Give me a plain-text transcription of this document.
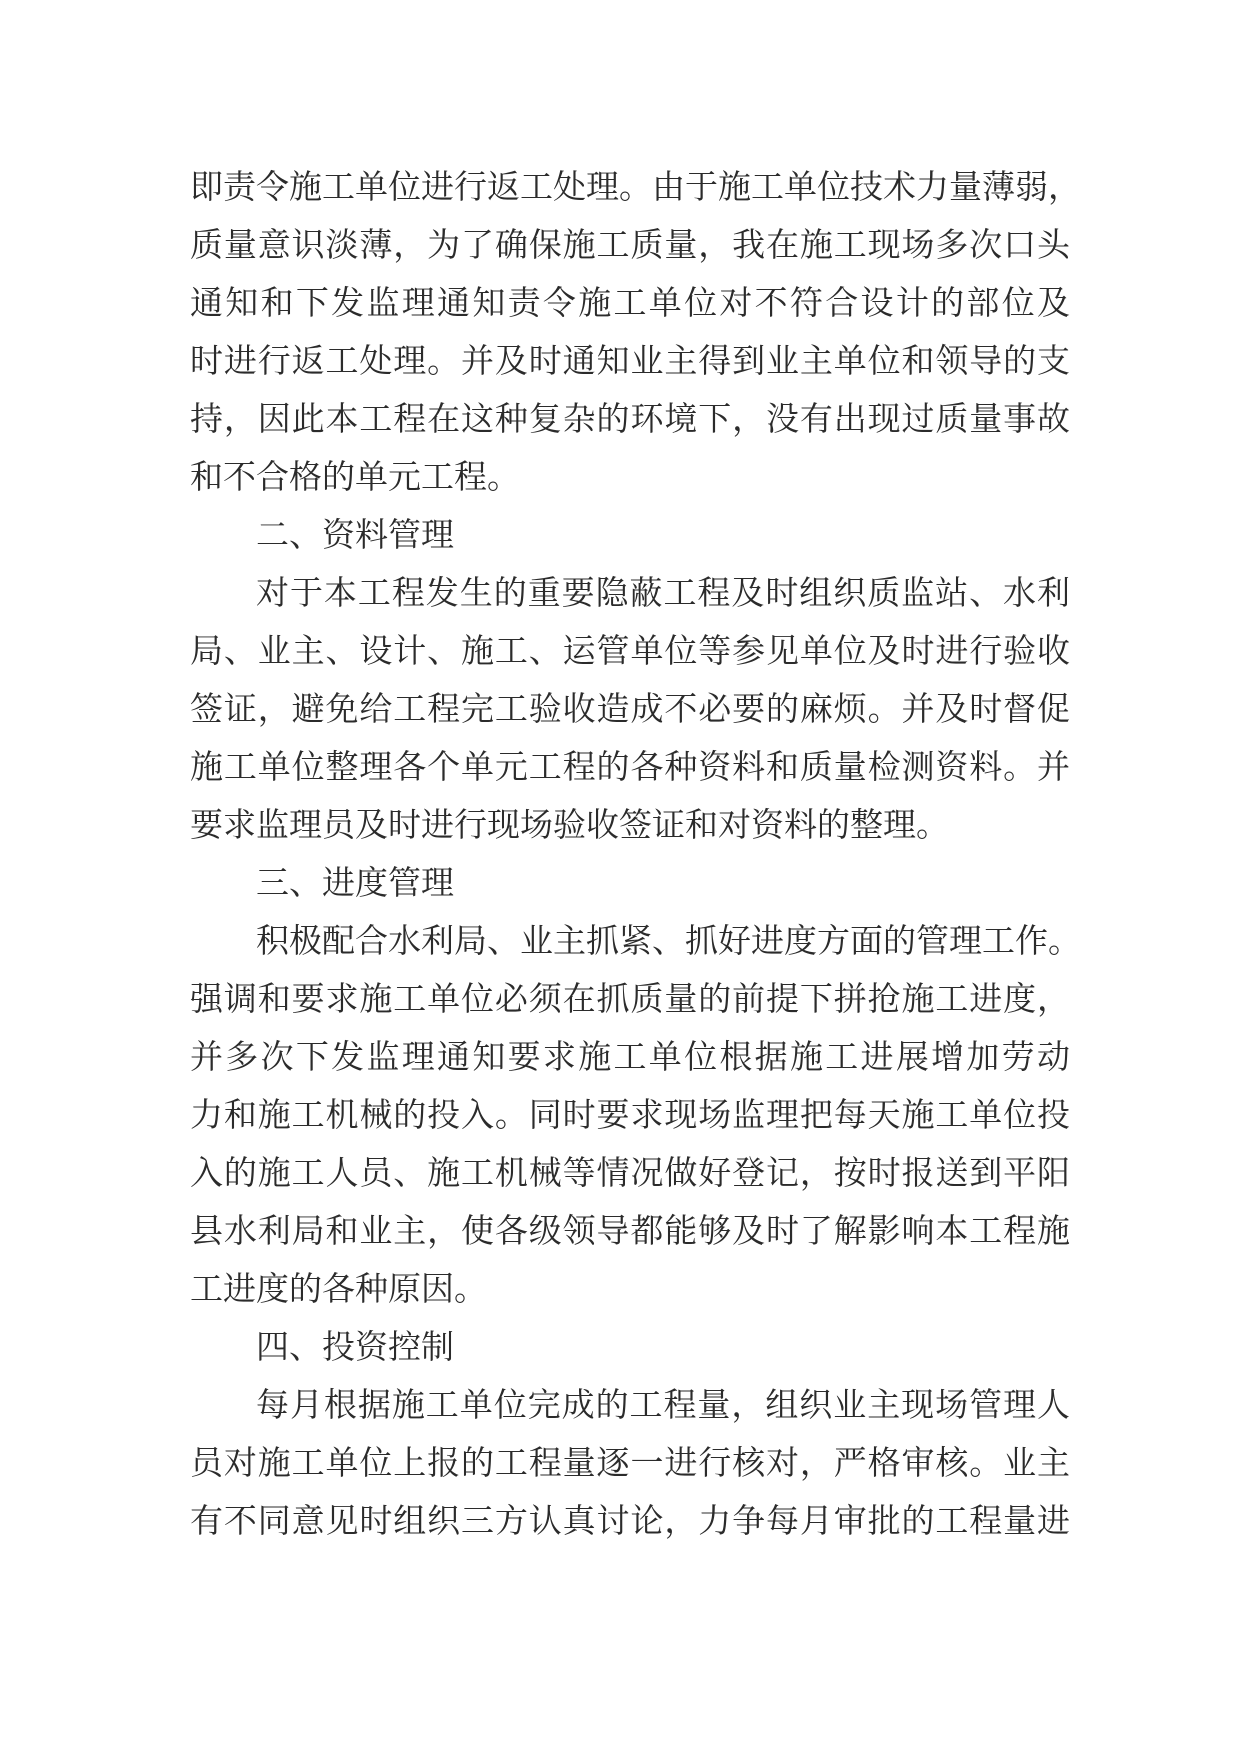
即责令施工单位进行返工处理。由于施工单位技术力量薄弱，
质量意识淡薄，为了确保施工质量，我在施工现场多次口头
通知和下发监理通知责令施工单位对不符合设计的部位及
时进行返工处理。并及时通知业主得到业主单位和领导的支
持，因此本工程在这种复杂的环境下，没有出现过质量事故
和不合格的单元工程。
二、资料管理
对于本工程发生的重要隐蔽工程及时组织质监站、水利
局、业主、设计、施工、运管单位等参见单位及时进行验收
签证，避免给工程完工验收造成不必要的麻烦。并及时督促
施工单位整理各个单元工程的各种资料和质量检测资料。并
要求监理员及时进行现场验收签证和对资料的整理。
三、进度管理
积极配合水利局、业主抓紧、抓好进度方面的管理工作。
强调和要求施工单位必须在抓质量的前提下拼抢施工进度，
并多次下发监理通知要求施工单位根据施工进展增加劳动
力和施工机械的投入。同时要求现场监理把每天施工单位投
入的施工人员、施工机械等情况做好登记，按时报送到平阳
县水利局和业主，使各级领导都能够及时了解影响本工程施
工进度的各种原因。
四、投资控制
每月根据施工单位完成的工程量，组织业主现场管理人
员对施工单位上报的工程量逐一进行核对，严格审核。业主
有不同意见时组织三方认真讨论，力争每月审批的工程量进
